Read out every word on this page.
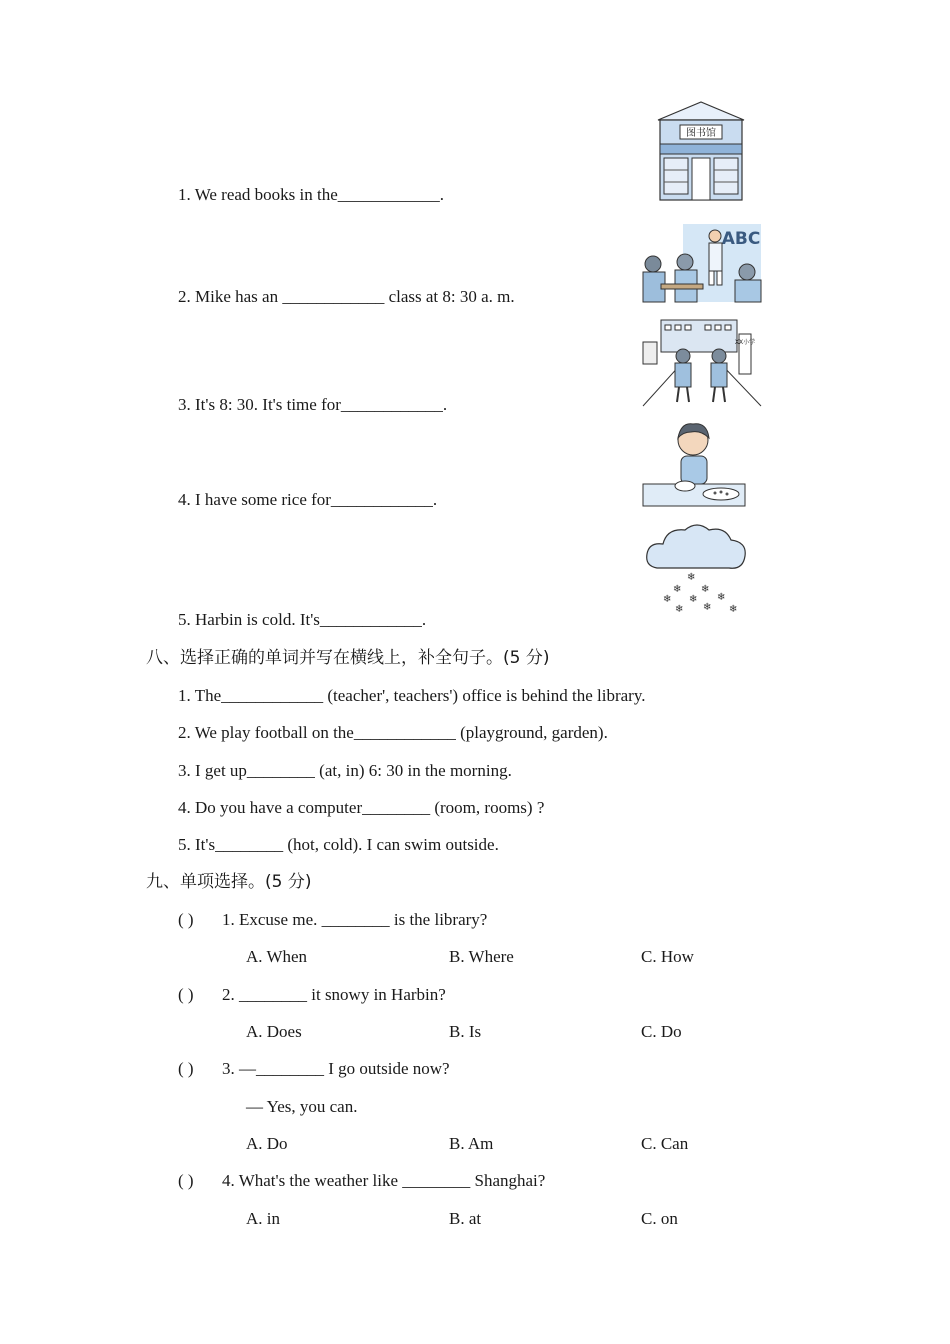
1. We read books in the____________.
2. Mike has an ____________ class at 8: 30 a. m.
3. It's 8: 30. It's time for____________.
4. I have some rice for____________.
5. Harbin is cold. It's____________.
图书馆
ABC
XX小学
❄
❄ ❄
❄ ❄ ❄
❄ ❄ ❄
八、选择正确的单词并写在横线上，补全句子。(5 分)
1. The____________ (teacher', teachers') office is behind the library.
2. We play football on the____________ (playground, garden).
3. I get up________ (at, in) 6: 30 in the morning.
4. Do you have a computer________ (room, rooms) ?
5. It's________ (hot, cold). I can swim outside.
九、单项选择。(5 分)
( ) 1. Excuse me. ________ is the library?
A. When	B. Where	C. How
( ) 2. ________ it snowy in Harbin?
A. Does	B. Is	C. Do
( ) 3. —________ I go outside now?
— Yes, you can.
A. Do	B. Am	C. Can
( ) 4. What's the weather like ________ Shanghai?
A. in	B. at	C. on
